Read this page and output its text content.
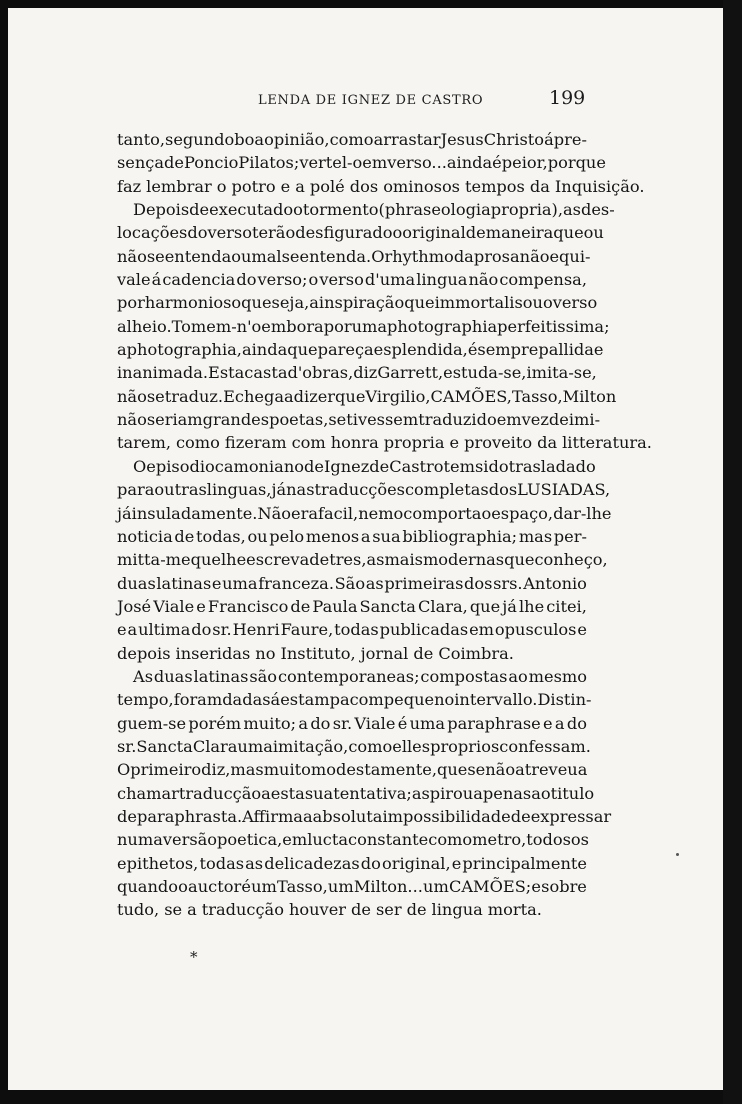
LENDA DE IGNEZ DE CASTRO	199
tanto, segundo boa opinião, como arrastar Jesus Christo á pre-
sença de Poncio Pilatos; vertel-o em verso... ainda é peior, porque
faz lembrar o potro e a polé dos ominosos tempos da Inquisição.
Depois de executado o tormento (phraseologia propria), as des-
locações do verso terão desfigurado o original de maneira que ou
não se entenda ou mal se entenda. O rhythmo da prosa não equi-
vale á cadencia do verso; o verso d'uma lingua não compensa,
por harmonioso que seja, a inspiração que immortalisou o verso
alheio. Tomem-n'o embora por uma photographia perfeitissima;
a photographia, ainda que pareça esplendida, é sempre pallida e
inanimada. Esta casta d'obras, diz Garrett, estuda-se, imita-se,
não se traduz. E chega a dizer que Virgilio, CAMÕES, Tasso, Milton
não seriam grandes poetas, se tivessem traduzido em vez de imi-
tarem, como fizeram com honra propria e proveito da litteratura.
O episodio camoniano de Ignez de Castro tem sido trasladado
para outras linguas, já nas traducções completas dos LUSIADAS,
já insuladamente. Não era facil, nem o comporta o espaço, dar-lhe
noticia de todas, ou pelo menos a sua bibliographia; mas per-
mitta-me que lhe escreva de tres, as mais modernas que conheço,
duas latinas e uma franceza. São as primeiras dos srs. Antonio
José Viale e Francisco de Paula Sancta Clara, que já lhe citei,
e a ultima do sr. Henri Faure, todas publicadas em opusculos e
depois inseridas no Instituto, jornal de Coimbra.
As duas latinas são contemporaneas; compostas ao mesmo
tempo, foram dadas á estampa com pequeno intervallo. Distin-
guem-se porém muito; a do sr. Viale é uma paraphrase e a do
sr. Sancta Clara uma imitação, como elles proprios confessam.
O primeiro diz, mas muito modestamente, que se não atreveu a
chamar traducção a esta sua tentativa; aspirou apenas ao titulo
de paraphrasta. Affirma a absoluta impossibilidade de expressar
numa versão poetica, em lucta constante com o metro, todos os
epithetos, todas as delicadezas do original, e principalmente
quando o auctor é um Tasso, um Milton... um CAMÕES; e sobre
tudo, se a traducção houver de ser de lingua morta.
*
